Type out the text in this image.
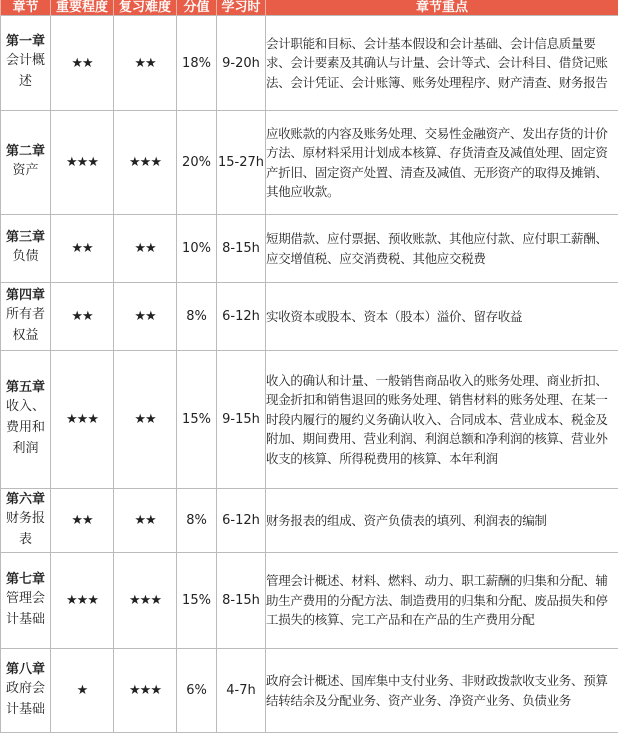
章节	重要程度	复习难度	分值	学习时	章节重点

第一章
会计概述	★★	★★	18%	9-20h	会计职能和目标、会计基本假设和会计基础、会计信息质量要求、会计要素及其确认与计量、会计等式、会计科目、借贷记账法、会计凭证、会计账簿、账务处理程序、财产清查、财务报告

第二章
资产	★★★	★★★	20%	15-27h	应收账款的内容及账务处理、交易性金融资产、发出存货的计价方法、原材料采用计划成本核算、存货清查及减值处理、固定资产折旧、固定资产处置、清查及减值、无形资产的取得及摊销、其他应收款。

第三章
负债	★★	★★	10%	8-15h	短期借款、应付票据、预收账款、其他应付款、应付职工薪酬、应交增值税、应交消费税、其他应交税费

第四章
所有者权益	★★	★★	8%	6-12h	实收资本或股本、资本（股本）溢价、留存收益

第五章
收入、费用和利润	★★★	★★	15%	9-15h	收入的确认和计量、一般销售商品收入的账务处理、商业折扣、现金折扣和销售退回的账务处理、销售材料的账务处理、在某一时段内履行的履约义务确认收入、合同成本、营业成本、税金及附加、期间费用、营业利润、利润总额和净利润的核算、营业外收支的核算、所得税费用的核算、本年利润

第六章
财务报表	★★	★★	8%	6-12h	财务报表的组成、资产负债表的填列、利润表的编制

第七章
管理会计基础	★★★	★★★	15%	8-15h	管理会计概述、材料、燃料、动力、职工薪酬的归集和分配、辅助生产费用的分配方法、制造费用的归集和分配、废品损失和停工损失的核算、完工产品和在产品的生产费用分配

第八章
政府会计基础	★	★★★	6%	4-7h	政府会计概述、国库集中支付业务、非财政拨款收支业务、预算结转结余及分配业务、资产业务、净资产业务、负债业务
